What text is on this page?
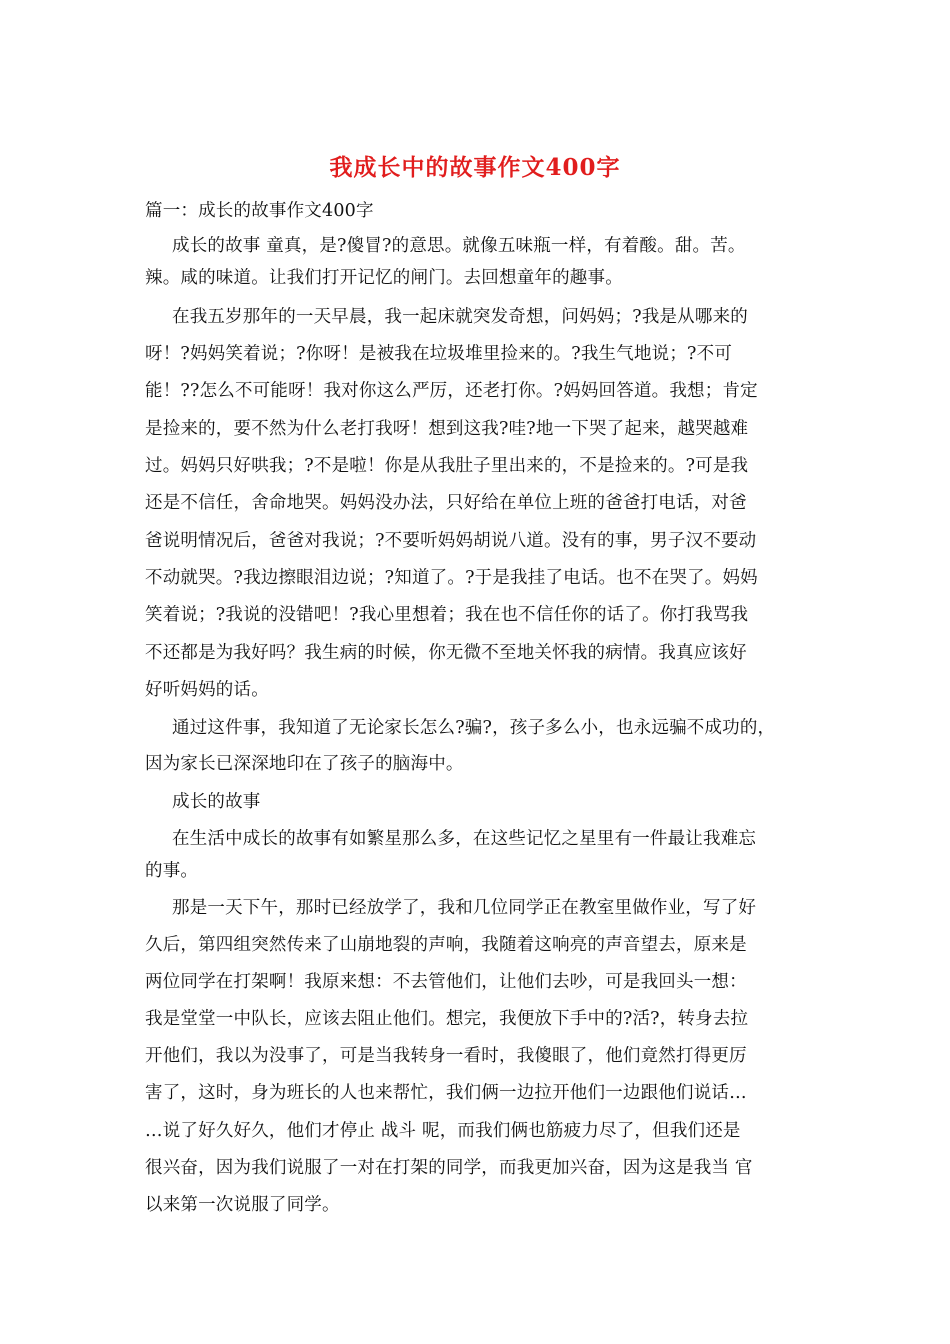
我成长中的故事作文400字
篇一：成长的故事作文400字
成长的故事 童真，是?傻冒?的意思。就像五味瓶一样，有着酸。甜。苦。
辣。咸的味道。让我们打开记忆的闸门。去回想童年的趣事。
在我五岁那年的一天早晨，我一起床就突发奇想，问妈妈；?我是从哪来的
呀！?妈妈笑着说；?你呀！是被我在垃圾堆里捡来的。?我生气地说；?不可
能！??怎么不可能呀！我对你这么严厉，还老打你。?妈妈回答道。我想；肯定
是捡来的，要不然为什么老打我呀！想到这我?哇?地一下哭了起来，越哭越难
过。妈妈只好哄我；?不是啦！你是从我肚子里出来的，不是捡来的。?可是我
还是不信任，舍命地哭。妈妈没办法，只好给在单位上班的爸爸打电话，对爸
爸说明情况后，爸爸对我说；?不要听妈妈胡说八道。没有的事，男子汉不要动
不动就哭。?我边擦眼泪边说；?知道了。?于是我挂了电话。也不在哭了。妈妈
笑着说；?我说的没错吧！?我心里想着；我在也不信任你的话了。你打我骂我
不还都是为我好吗？我生病的时候，你无微不至地关怀我的病情。我真应该好
好听妈妈的话。
通过这件事，我知道了无论家长怎么?骗?，孩子多么小，也永远骗不成功的，
因为家长已深深地印在了孩子的脑海中。
成长的故事
在生活中成长的故事有如繁星那么多，在这些记忆之星里有一件最让我难忘
的事。
那是一天下午，那时已经放学了，我和几位同学正在教室里做作业，写了好
久后，第四组突然传来了山崩地裂的声响，我随着这响亮的声音望去，原来是
两位同学在打架啊！我原来想：不去管他们，让他们去吵，可是我回头一想：
我是堂堂一中队长，应该去阻止他们。想完，我便放下手中的?活?，转身去拉
开他们，我以为没事了，可是当我转身一看时，我傻眼了，他们竟然打得更厉
害了，这时，身为班长的人也来帮忙，我们俩一边拉开他们一边跟他们说话…
…说了好久好久，他们才停止 战斗 呢，而我们俩也筋疲力尽了，但我们还是
很兴奋，因为我们说服了一对在打架的同学，而我更加兴奋，因为这是我当 官
以来第一次说服了同学。
